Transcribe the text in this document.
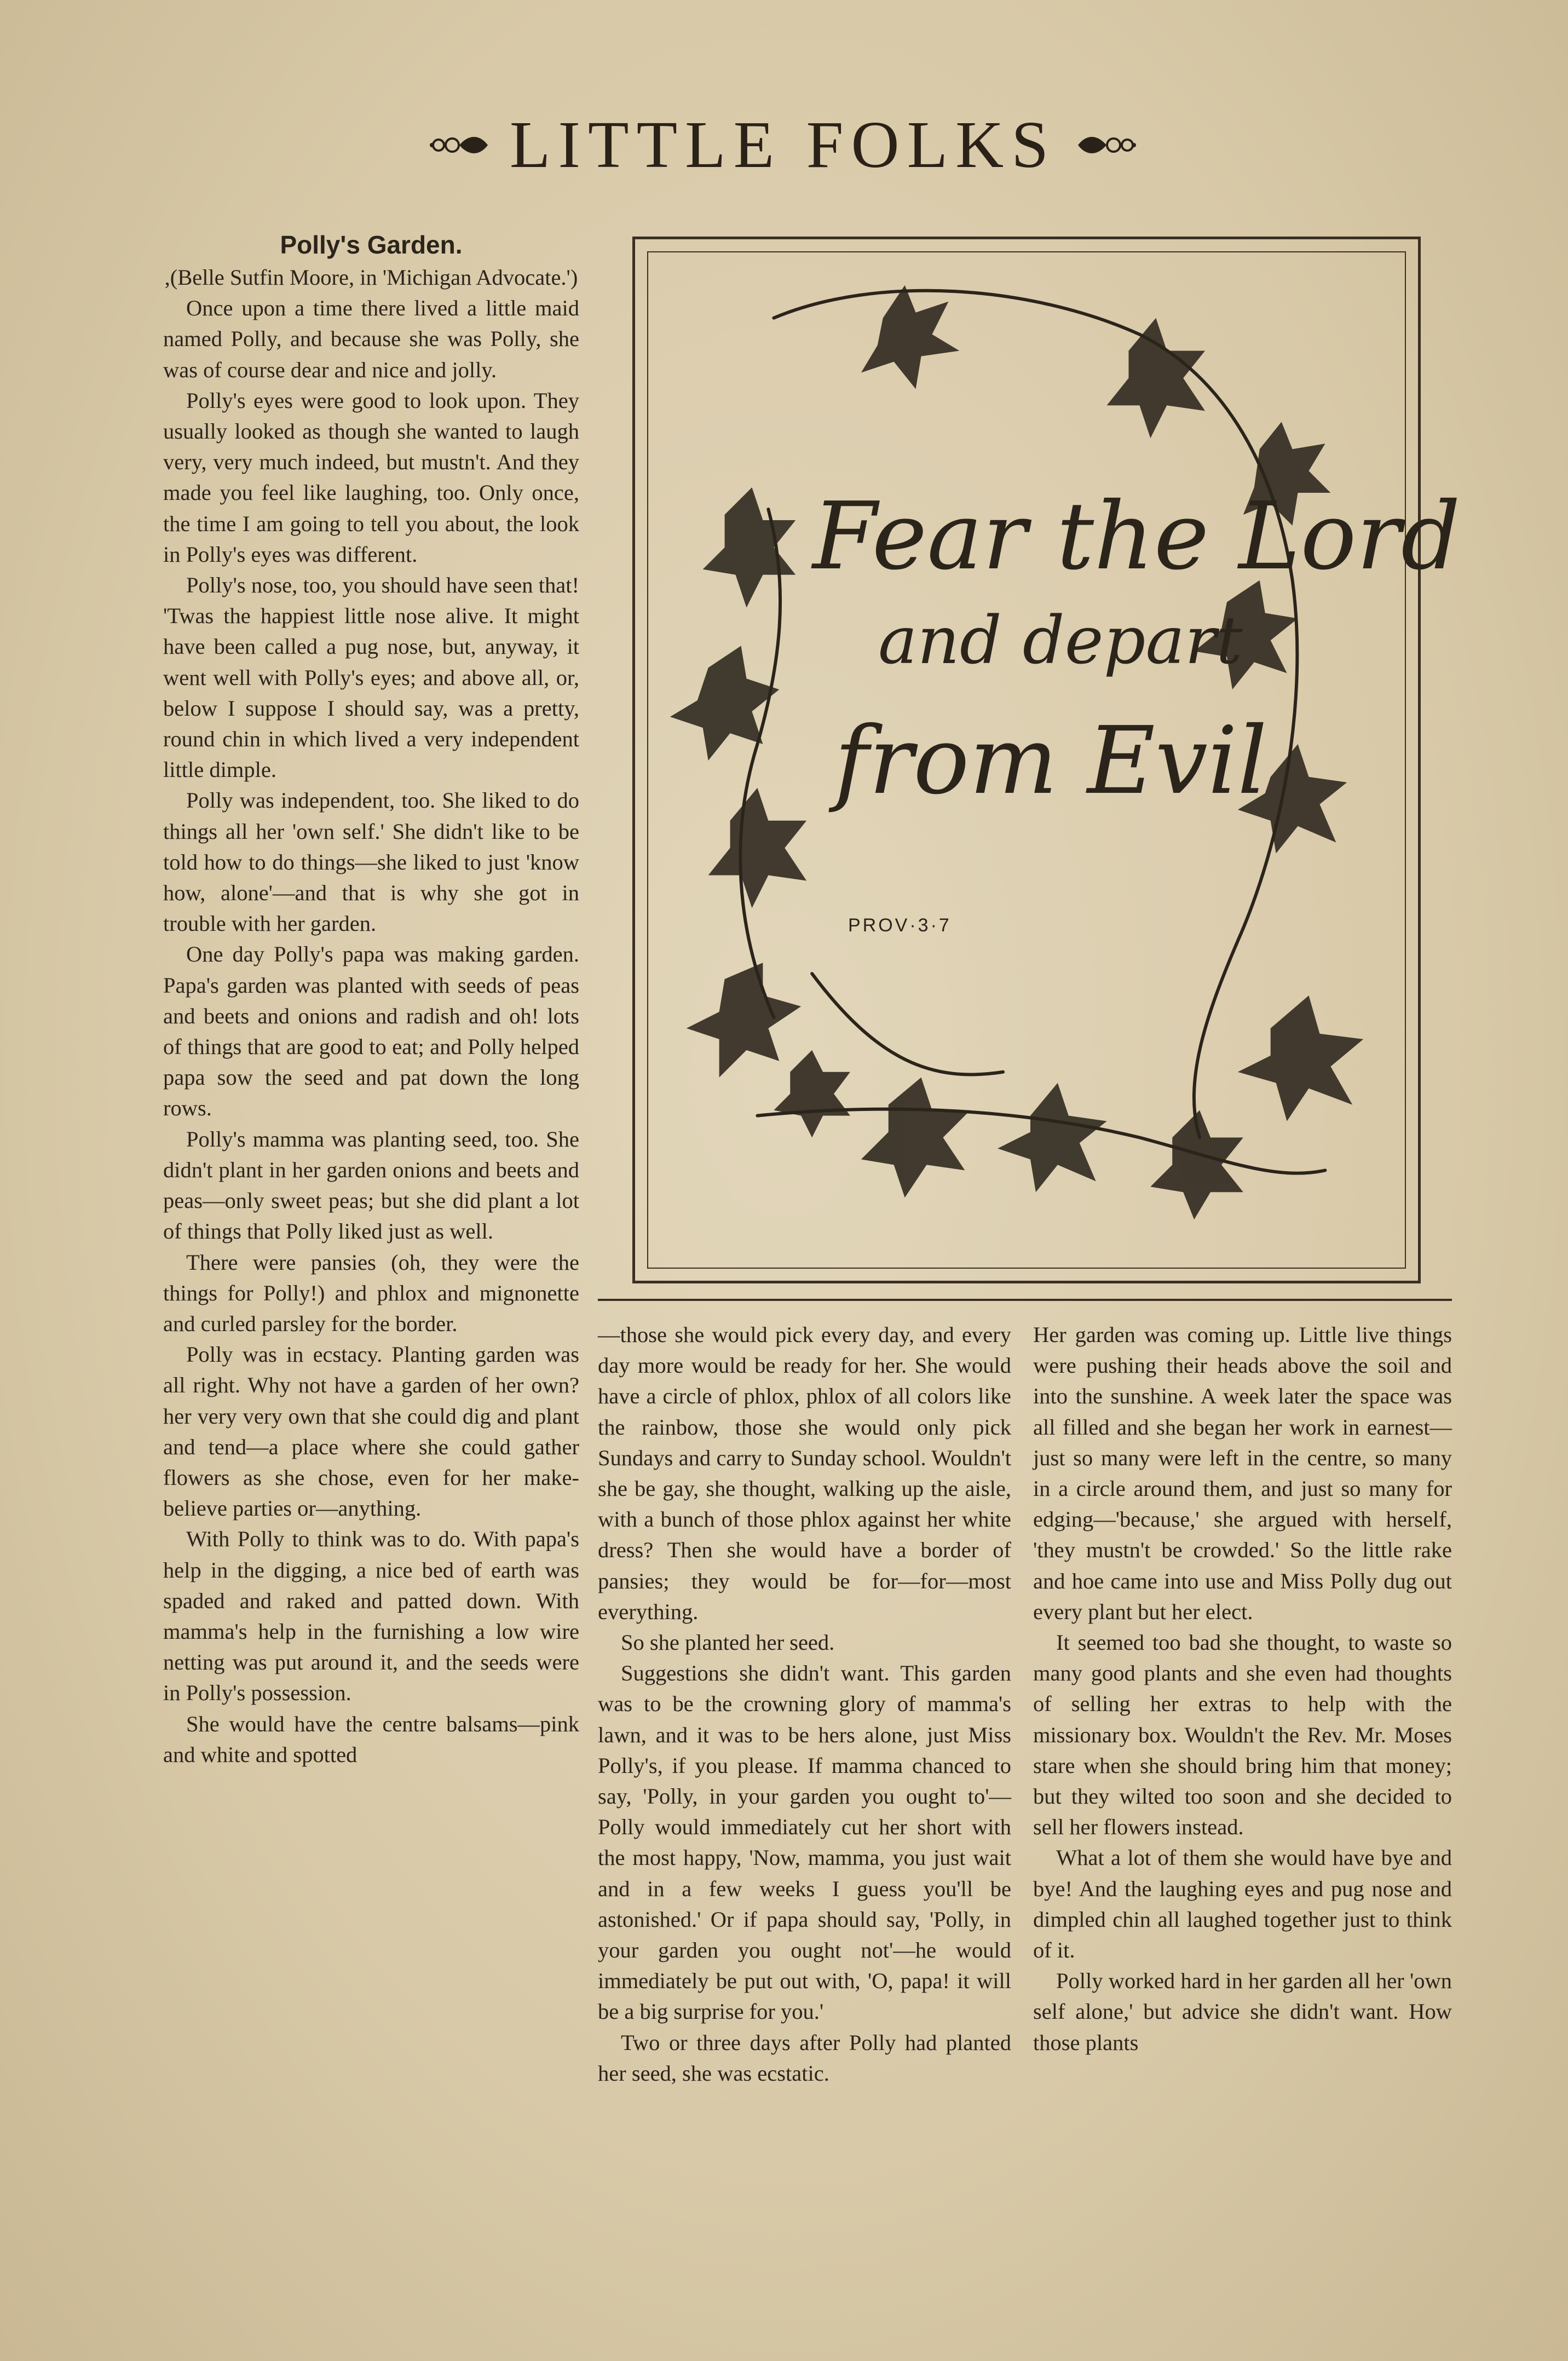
LITTLE FOLKS

Polly's Garden.

,(Belle Sutfin Moore, in 'Michigan Advocate.')

Once upon a time there lived a little maid named Polly, and because she was Polly, she was of course dear and nice and jolly.

Polly's eyes were good to look upon. They usually looked as though she wanted to laugh very, very much indeed, but mustn't. And they made you feel like laughing, too. Only once, the time I am going to tell you about, the look in Polly's eyes was different.

Polly's nose, too, you should have seen that! 'Twas the happiest little nose alive. It might have been called a pug nose, but, anyway, it went well with Polly's eyes; and above all, or, below I suppose I should say, was a pretty, round chin in which lived a very independent little dimple.

Polly was independent, too. She liked to do things all her 'own self.' She didn't like to be told how to do things—she liked to just 'know how, alone'—and that is why she got in trouble with her garden.

One day Polly's papa was making garden. Papa's garden was planted with seeds of peas and beets and onions and radish and oh! lots of things that are good to eat; and Polly helped papa sow the seed and pat down the long rows.

Polly's mamma was planting seed, too. She didn't plant in her garden onions and beets and peas—only sweet peas; but she did plant a lot of things that Polly liked just as well.

There were pansies (oh, they were the things for Polly!) and phlox and mignonette and curled parsley for the border.

Polly was in ecstacy. Planting garden was all right. Why not have a garden of her own? her very very own that she could dig and plant and tend—a place where she could gather flowers as she chose, even for her make-believe parties or—anything.

With Polly to think was to do. With papa's help in the digging, a nice bed of earth was spaded and raked and patted down. With mamma's help in the furnishing a low wire netting was put around it, and the seeds were in Polly's possession.

She would have the centre balsams—pink and white and spotted

Fear the Lord
and depart
from Evil
PROV·3·7

—those she would pick every day, and every day more would be ready for her. She would have a circle of phlox, phlox of all colors like the rainbow, those she would only pick Sundays and carry to Sunday school. Wouldn't she be gay, she thought, walking up the aisle, with a bunch of those phlox against her white dress? Then she would have a border of pansies; they would be for—for—most everything.

So she planted her seed.

Suggestions she didn't want. This garden was to be the crowning glory of mamma's lawn, and it was to be hers alone, just Miss Polly's, if you please. If mamma chanced to say, 'Polly, in your garden you ought to'—Polly would immediately cut her short with the most happy, 'Now, mamma, you just wait and in a few weeks I guess you'll be astonished.' Or if papa should say, 'Polly, in your garden you ought not'—he would immediately be put out with, 'O, papa! it will be a big surprise for you.'

Two or three days after Polly had planted her seed, she was ecstatic.

Her garden was coming up. Little live things were pushing their heads above the soil and into the sunshine. A week later the space was all filled and she began her work in earnest—just so many were left in the centre, so many in a circle around them, and just so many for edging—'because,' she argued with herself, 'they mustn't be crowded.' So the little rake and hoe came into use and Miss Polly dug out every plant but her elect.

It seemed too bad she thought, to waste so many good plants and she even had thoughts of selling her extras to help with the missionary box. Wouldn't the Rev. Mr. Moses stare when she should bring him that money; but they wilted too soon and she decided to sell her flowers instead.

What a lot of them she would have bye and bye! And the laughing eyes and pug nose and dimpled chin all laughed together just to think of it.

Polly worked hard in her garden all her 'own self alone,' but advice she didn't want. How those plants
